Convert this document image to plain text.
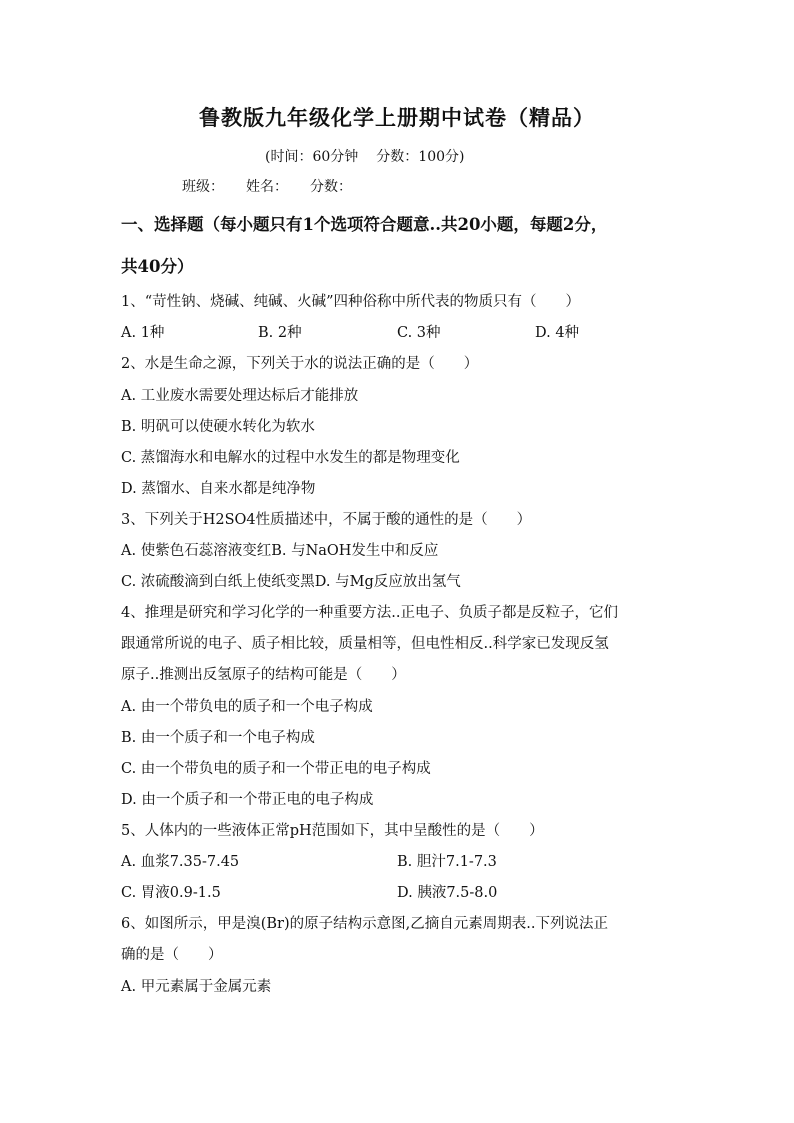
鲁教版九年级化学上册期中试卷（精品）
(时间：60分钟 分数：100分)
班级： 姓名： 分数：
一、选择题（每小题只有1个选项符合题意..共20小题，每题2分，
共40分）
1、“苛性钠、烧碱、纯碱、火碱”四种俗称中所代表的物质只有（　　）
A. 1种	B. 2种	C. 3种	D. 4种
2、水是生命之源，下列关于水的说法正确的是（　　）
A. 工业废水需要处理达标后才能排放
B. 明矾可以使硬水转化为软水
C. 蒸馏海水和电解水的过程中水发生的都是物理变化
D. 蒸馏水、自来水都是纯净物
3、下列关于H2SO4性质描述中，不属于酸的通性的是（　　）
A. 使紫色石蕊溶液变红B. 与NaOH发生中和反应
C. 浓硫酸滴到白纸上使纸变黑D. 与Mg反应放出氢气
4、推理是研究和学习化学的一种重要方法..正电子、负质子都是反粒子，它们
跟通常所说的电子、质子相比较，质量相等，但电性相反..科学家已发现反氢
原子..推测出反氢原子的结构可能是（　　）
A. 由一个带负电的质子和一个电子构成
B. 由一个质子和一个电子构成
C. 由一个带负电的质子和一个带正电的电子构成
D. 由一个质子和一个带正电的电子构成
5、人体内的一些液体正常pH范围如下，其中呈酸性的是（　　）
A. 血浆7.35-7.45	B. 胆汁7.1-7.3
C. 胃液0.9-1.5	D. 胰液7.5-8.0
6、如图所示，甲是溴(Br)的原子结构示意图,乙摘自元素周期表..下列说法正
确的是（　　）
A. 甲元素属于金属元素
